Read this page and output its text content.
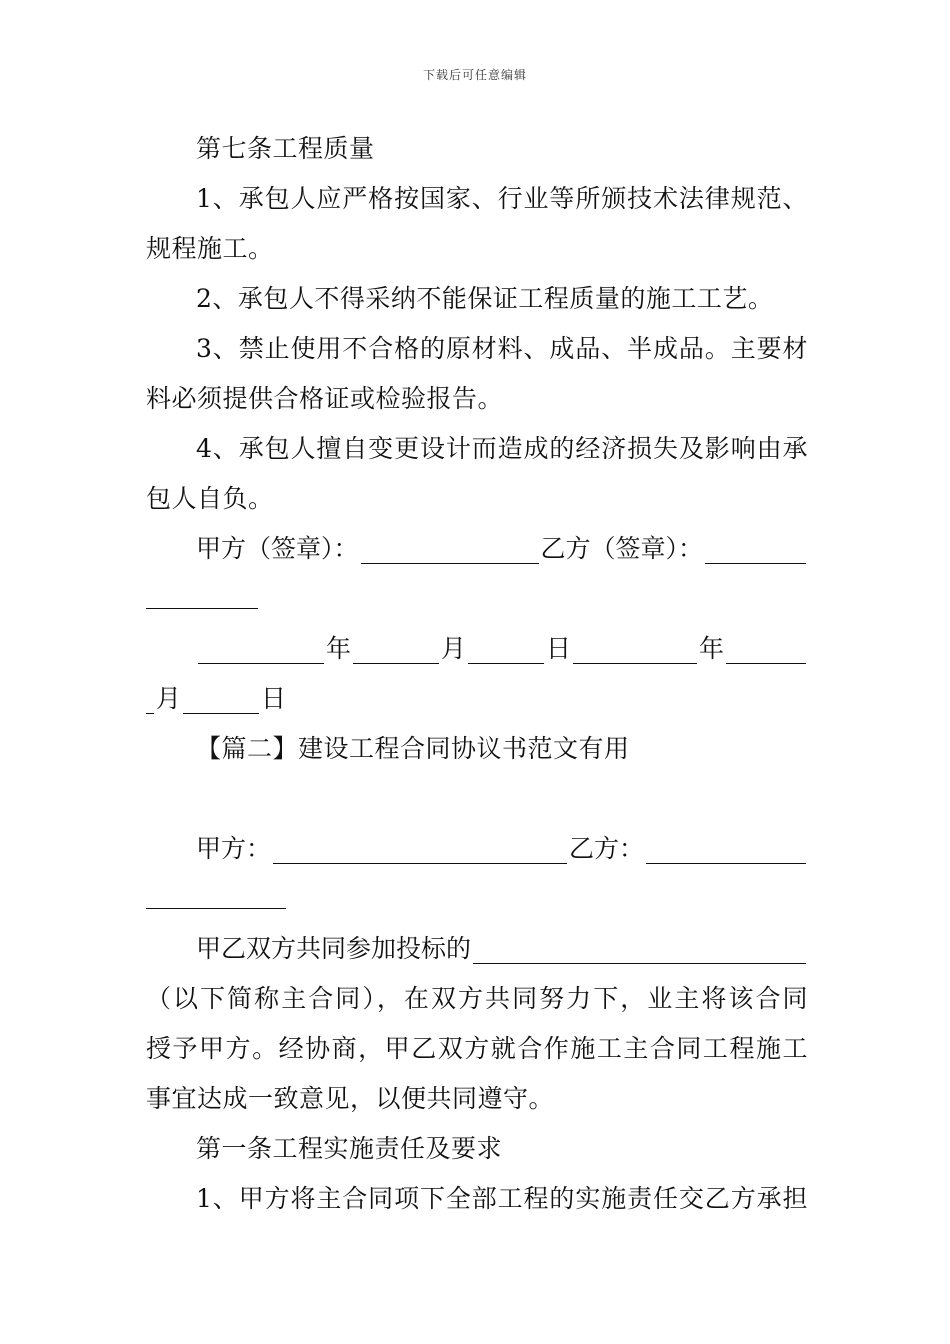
下载后可任意编辑
第七条工程质量
1、承包人应严格按国家、行业等所颁技术法律规范、
规程施工。
2、承包人不得采纳不能保证工程质量的施工工艺。
3、禁止使用不合格的原材料、成品、半成品。主要材
料必须提供合格证或检验报告。
4、承包人擅自变更设计而造成的经济损失及影响由承
包人自负。
甲方（签章）：	乙方（签章）：
年	月	日	年
月	日
【篇二】建设工程合同协议书范文有用
甲方：	乙方：
甲乙双方共同参加投标的
（以下简称主合同），在双方共同努力下，业主将该合同
授予甲方。经协商，甲乙双方就合作施工主合同工程施工
事宜达成一致意见，以便共同遵守。
第一条工程实施责任及要求
1、甲方将主合同项下全部工程的实施责任交乙方承担
